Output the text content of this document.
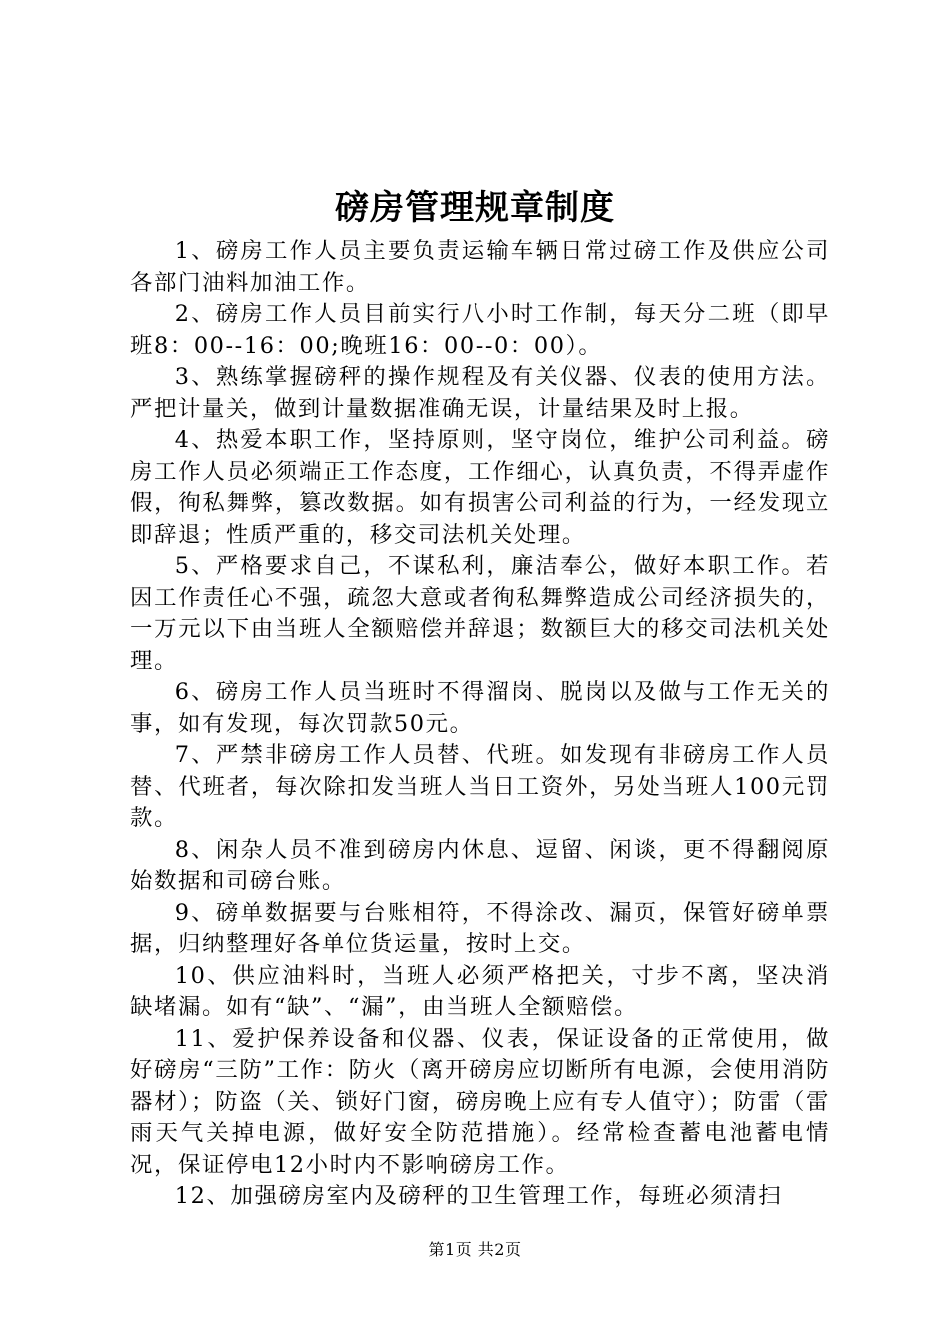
磅房管理规章制度

1、磅房工作人员主要负责运输车辆日常过磅工作及供应公司各部门油料加油工作。

2、磅房工作人员目前实行八小时工作制，每天分二班（即早班8：00--16：00;晚班16：00--0：00）。

3、熟练掌握磅秤的操作规程及有关仪器、仪表的使用方法。严把计量关，做到计量数据准确无误，计量结果及时上报。

4、热爱本职工作，坚持原则，坚守岗位，维护公司利益。磅房工作人员必须端正工作态度，工作细心，认真负责，不得弄虚作假，徇私舞弊，篡改数据。如有损害公司利益的行为，一经发现立即辞退；性质严重的，移交司法机关处理。

5、严格要求自己，不谋私利，廉洁奉公，做好本职工作。若因工作责任心不强，疏忽大意或者徇私舞弊造成公司经济损失的，一万元以下由当班人全额赔偿并辞退；数额巨大的移交司法机关处理。

6、磅房工作人员当班时不得溜岗、脱岗以及做与工作无关的事，如有发现，每次罚款50元。

7、严禁非磅房工作人员替、代班。如发现有非磅房工作人员替、代班者，每次除扣发当班人当日工资外，另处当班人100元罚款。

8、闲杂人员不准到磅房内休息、逗留、闲谈，更不得翻阅原始数据和司磅台账。

9、磅单数据要与台账相符，不得涂改、漏页，保管好磅单票据，归纳整理好各单位货运量，按时上交。

10、供应油料时，当班人必须严格把关，寸步不离，坚决消缺堵漏。如有“缺”、“漏”，由当班人全额赔偿。

11、爱护保养设备和仪器、仪表，保证设备的正常使用，做好磅房“三防”工作：防火（离开磅房应切断所有电源，会使用消防器材）；防盗（关、锁好门窗，磅房晚上应有专人值守）；防雷（雷雨天气关掉电源，做好安全防范措施）。经常检查蓄电池蓄电情况，保证停电12小时内不影响磅房工作。

12、加强磅房室内及磅秤的卫生管理工作，每班必须清扫

第1页 共2页
